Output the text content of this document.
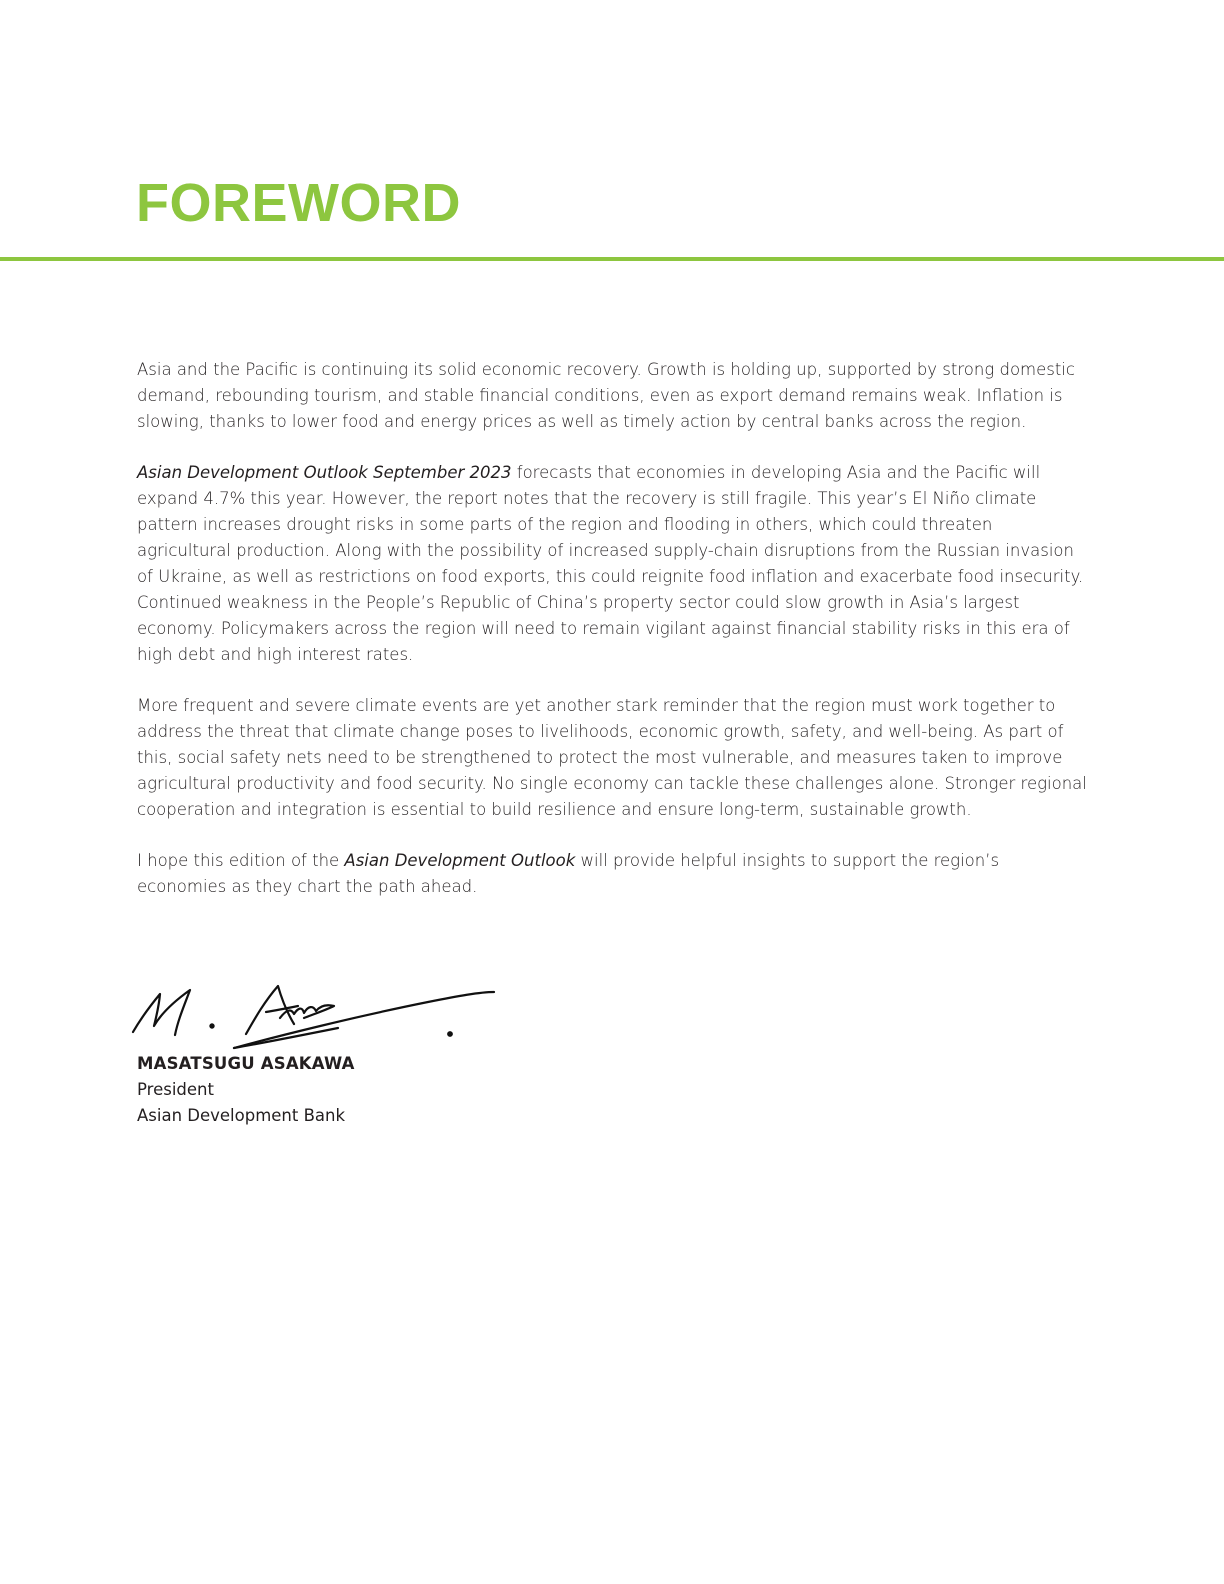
FOREWORD

Asia and the Pacific is continuing its solid economic recovery. Growth is holding up, supported by strong domestic demand, rebounding tourism, and stable financial conditions, even as export demand remains weak. Inflation is slowing, thanks to lower food and energy prices as well as timely action by central banks across the region.

Asian Development Outlook September 2023 forecasts that economies in developing Asia and the Pacific will expand 4.7% this year. However, the report notes that the recovery is still fragile. This year’s El Niño climate pattern increases drought risks in some parts of the region and flooding in others, which could threaten agricultural production. Along with the possibility of increased supply-chain disruptions from the Russian invasion of Ukraine, as well as restrictions on food exports, this could reignite food inflation and exacerbate food insecurity. Continued weakness in the People’s Republic of China’s property sector could slow growth in Asia’s largest economy. Policymakers across the region will need to remain vigilant against financial stability risks in this era of high debt and high interest rates.

More frequent and severe climate events are yet another stark reminder that the region must work together to address the threat that climate change poses to livelihoods, economic growth, safety, and well-being. As part of this, social safety nets need to be strengthened to protect the most vulnerable, and measures taken to improve agricultural productivity and food security. No single economy can tackle these challenges alone. Stronger regional cooperation and integration is essential to build resilience and ensure long-term, sustainable growth.

I hope this edition of the Asian Development Outlook will provide helpful insights to support the region’s economies as they chart the path ahead.

MASATSUGU ASAKAWA
President
Asian Development Bank
